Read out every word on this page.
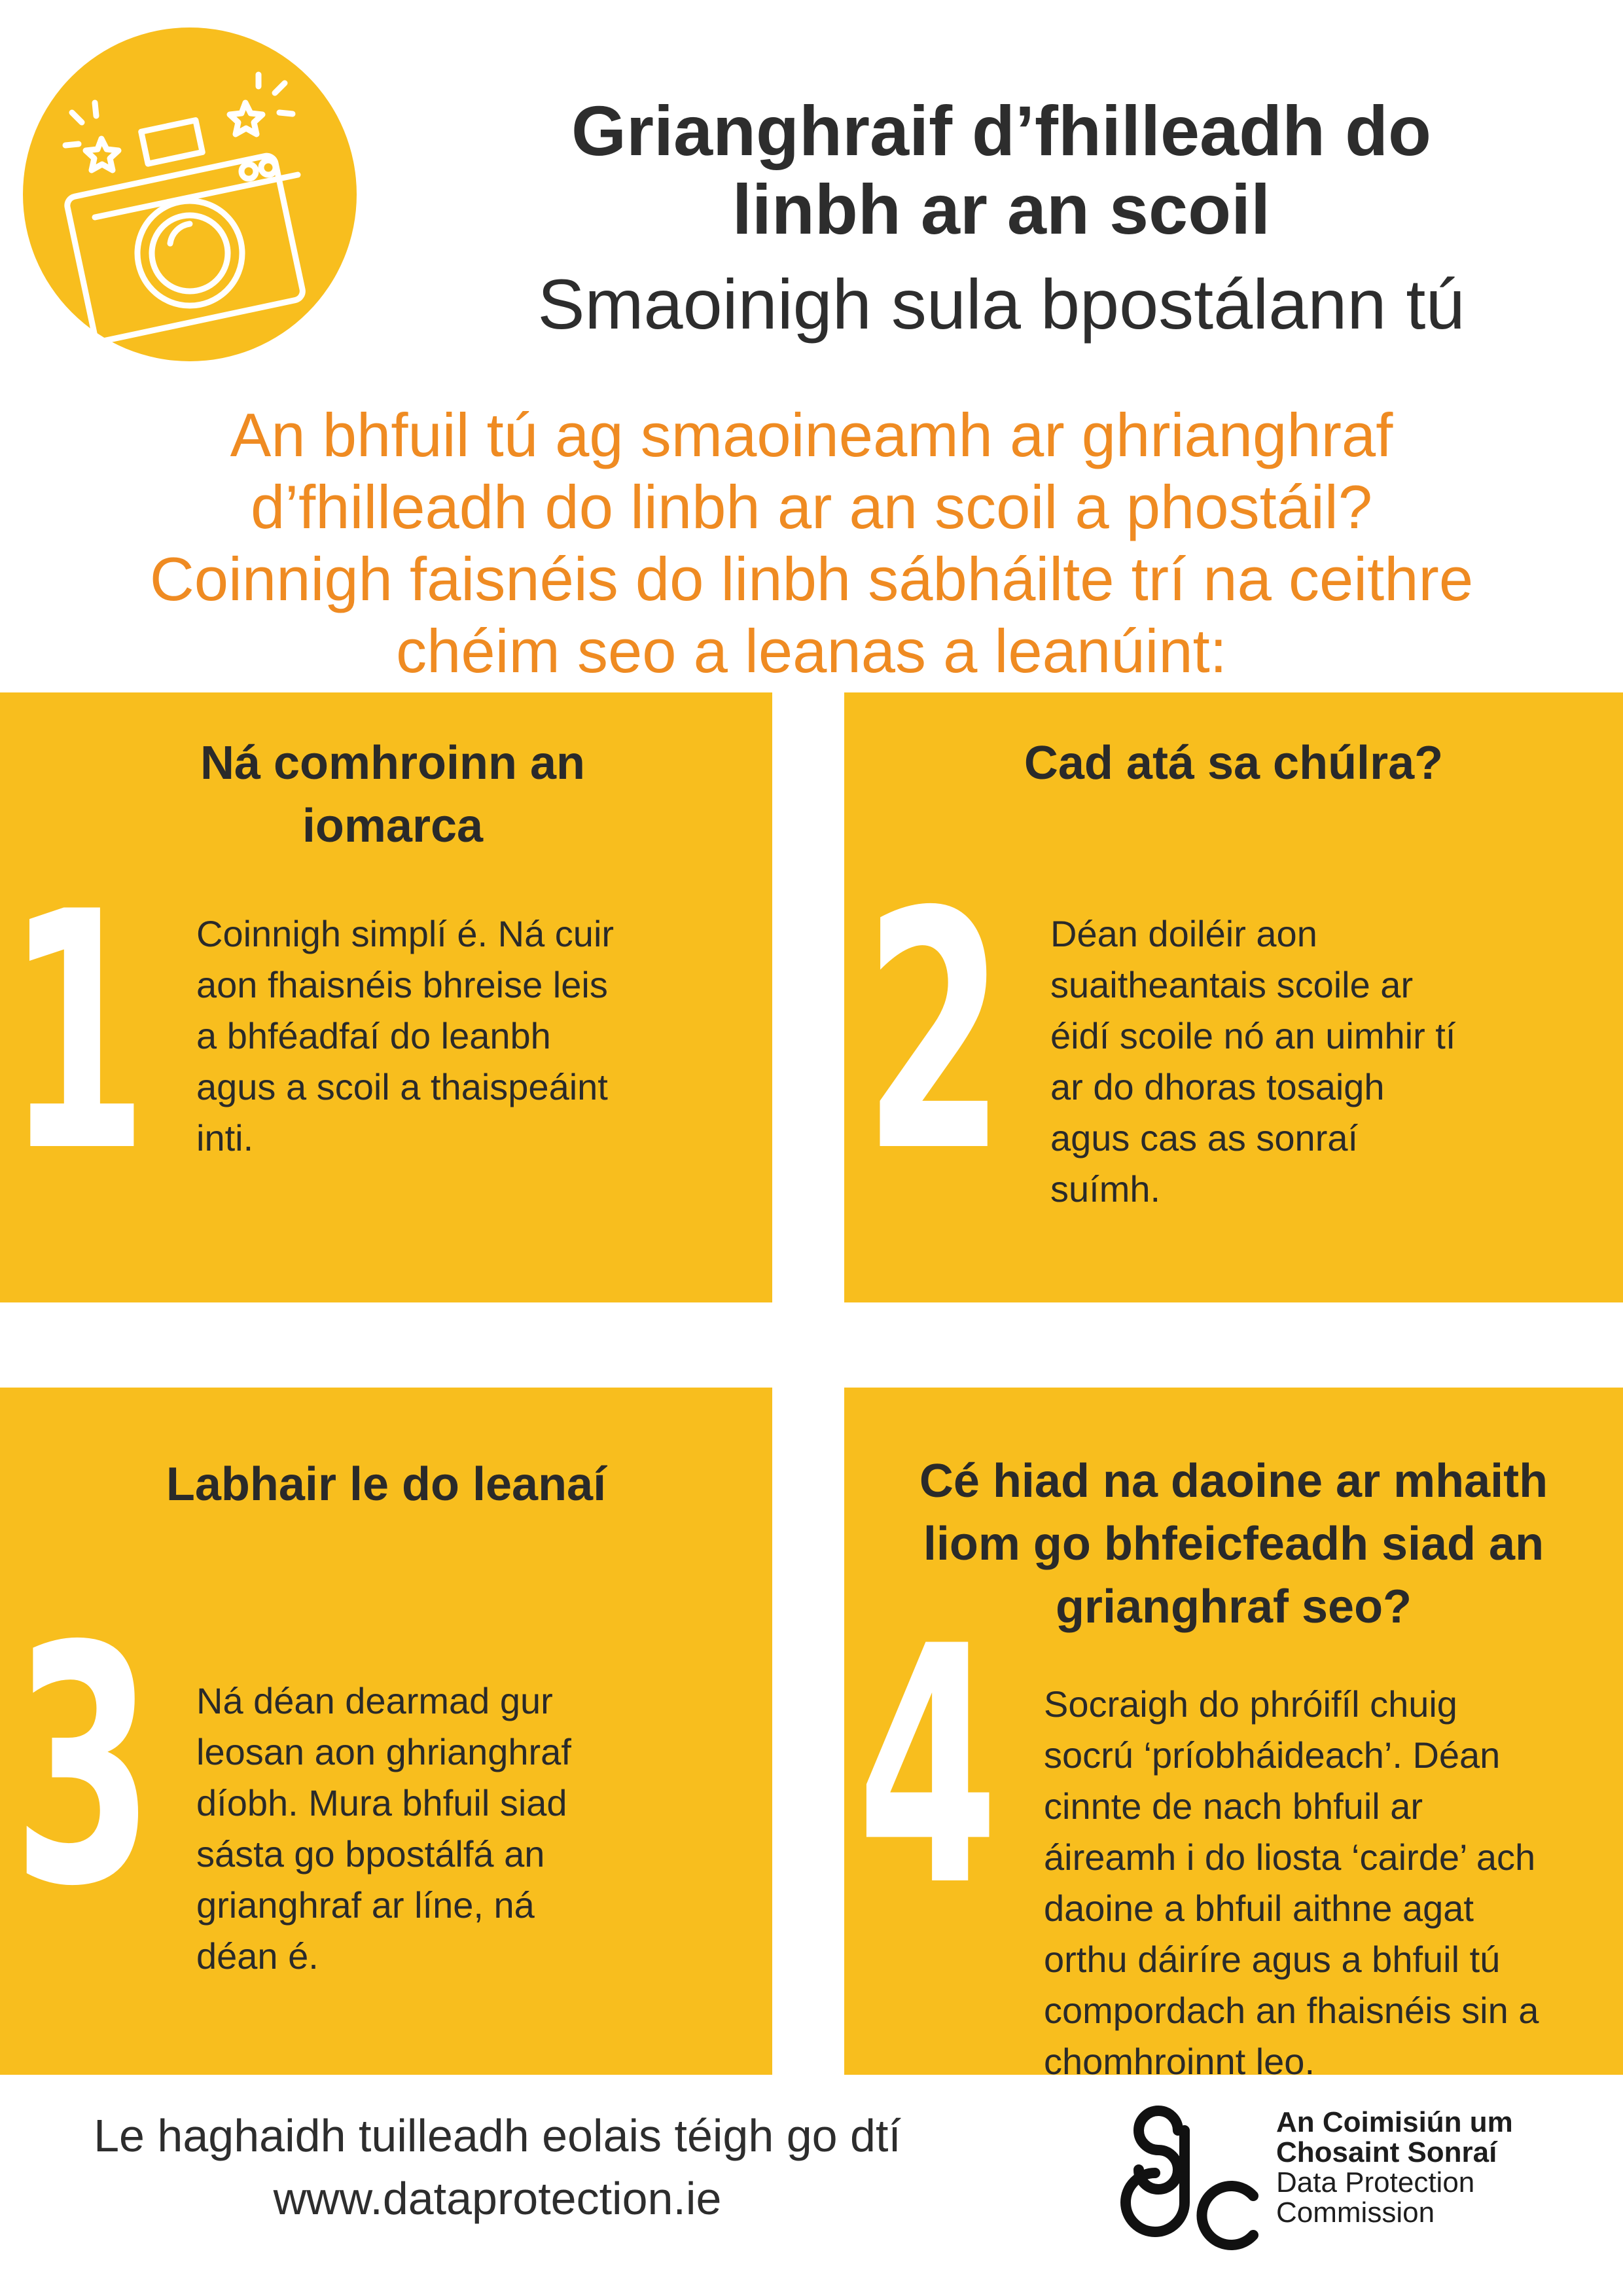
Grianghraif d’fhilleadh do
linbh ar an scoil
Smaoinigh sula bpostálann tú
An bhfuil tú ag smaoineamh ar ghrianghraf
d’fhilleadh do linbh ar an scoil a phostáil?
Coinnigh faisnéis do linbh sábháilte trí na ceithre
chéim seo a leanas a leanúint:
Ná comhroinn an
iomarca
1 Coinnigh simplí é. Ná cuir
aon fhaisnéis bhreise leis
a bhféadfaí do leanbh
agus a scoil a thaispeáint
inti.
Cad atá sa chúlra?
2 Déan doiléir aon
suaitheantais scoile ar
éidí scoile nó an uimhir tí
ar do dhoras tosaigh
agus cas as sonraí
suímh.
Labhair le do leanaí
3 Ná déan dearmad gur
leosan aon ghrianghraf
díobh. Mura bhfuil siad
sásta go bpostálfá an
grianghraf ar líne, ná
déan é.
Cé hiad na daoine ar mhaith
liom go bhfeicfeadh siad an
grianghraf seo?
4 Socraigh do phróifíl chuig
socrú ‘príobháideach’. Déan
cinnte de nach bhfuil ar
áireamh i do liosta ‘cairde’ ach
daoine a bhfuil aithne agat
orthu dáiríre agus a bhfuil tú
compordach an fhaisnéis sin a
chomhroinnt leo.
Le haghaidh tuilleadh eolais téigh go dtí
www.dataprotection.ie
An Coimisiún um
Chosaint Sonraí
Data Protection
Commission
